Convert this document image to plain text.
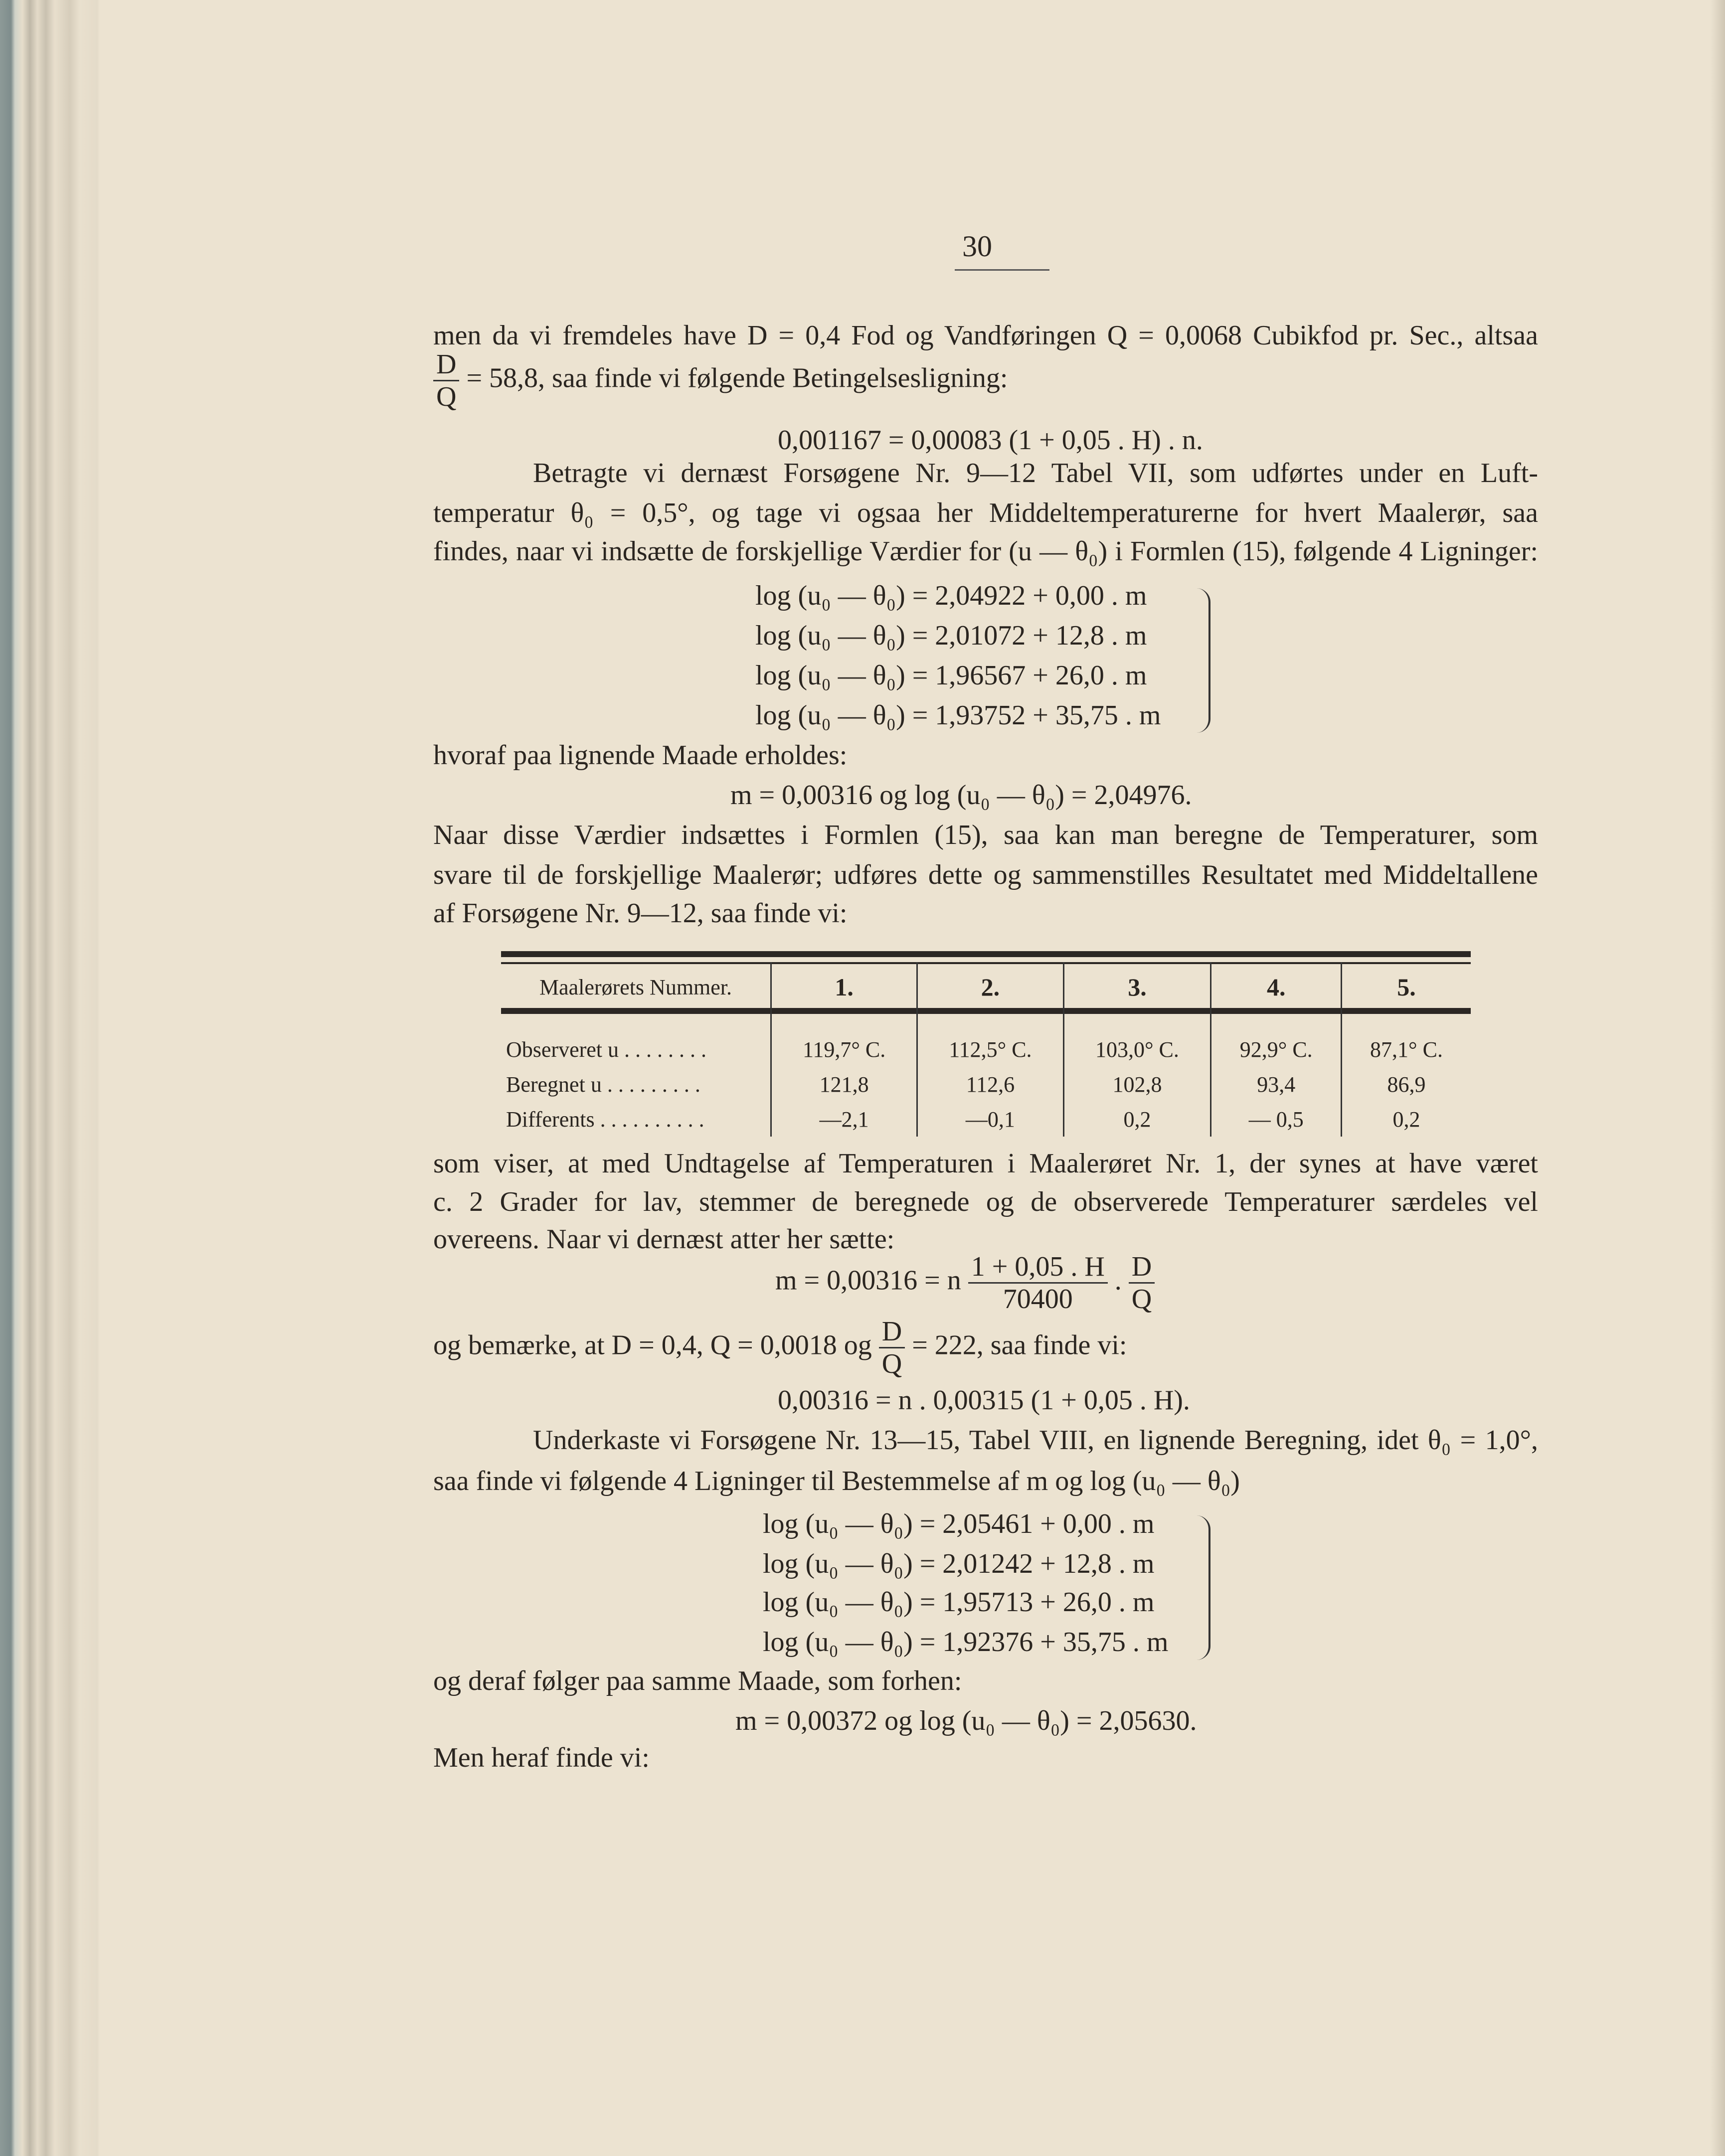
30
men da vi fremdeles have D = 0,4 Fod og Vandføringen Q = 0,0068 Cubikfod pr. Sec., altsaa
$\frac{D}{Q} = 58,8$, saa finde vi følgende Betingelsesligning:
0,001167 = 0,00083 (1 + 0,05 . H) . n.
Betragte vi dernæst Forsøgene Nr. 9—12 Tabel VII, som udførtes under en Luft-
temperatur θ₀ = 0,5°, og tage vi ogsaa her Middeltemperaturerne for hvert Maalerør, saa
findes, naar vi indsætte de forskjellige Værdier for (u — θ₀) i Formlen (15), følgende 4 Ligninger:
log (u₀ — θ₀) = 2,04922 + 0,00 . m
log (u₀ — θ₀) = 2,01072 + 12,8 . m
log (u₀ — θ₀) = 1,96567 + 26,0 . m
log (u₀ — θ₀) = 1,93752 + 35,75 . m
hvoraf paa lignende Maade erholdes:
m = 0,00316 og log (u₀ — θ₀) = 2,04976.
Naar disse Værdier indsættes i Formlen (15), saa kan man beregne de Temperaturer, som
svare til de forskjellige Maalerør; udføres dette og sammenstilles Resultatet med Middeltallene
af Forsøgene Nr. 9—12, saa finde vi:
Maalerørets Nummer.	1.	2.	3.	4.	5.
Observeret u . . . . . . . .	119,7° C.	112,5° C.	103,0° C.	92,9° C.	87,1° C.
Beregnet u . . . . . . . . .	121,8	112,6	102,8	93,4	86,9
Differents . . . . . . . . . .	—2,1	—0,1	0,2	— 0,5	0,2
som viser, at med Undtagelse af Temperaturen i Maalerøret Nr. 1, der synes at have været
c. 2 Grader for lav, stemmer de beregnede og de observerede Temperaturer særdeles vel
overeens. Naar vi dernæst atter her sætte:
m = 0,00316 = n $\frac{1 + 0,05 . H}{70400}$ . $\frac{D}{Q}$
og bemærke, at D = 0,4, Q = 0,0018 og $\frac{D}{Q} = 222$, saa finde vi:
0,00316 = n . 0,00315 (1 + 0,05 . H).
Underkaste vi Forsøgene Nr. 13—15, Tabel VIII, en lignende Beregning, idet θ₀ = 1,0°,
saa finde vi følgende 4 Ligninger til Bestemmelse af m og log (u₀ — θ₀)
log (u₀ — θ₀) = 2,05461 + 0,00 . m
log (u₀ — θ₀) = 2,01242 + 12,8 . m
log (u₀ — θ₀) = 1,95713 + 26,0 . m
log (u₀ — θ₀) = 1,92376 + 35,75 . m
og deraf følger paa samme Maade, som forhen:
m = 0,00372 og log (u₀ — θ₀) = 2,05630.
Men heraf finde vi:
